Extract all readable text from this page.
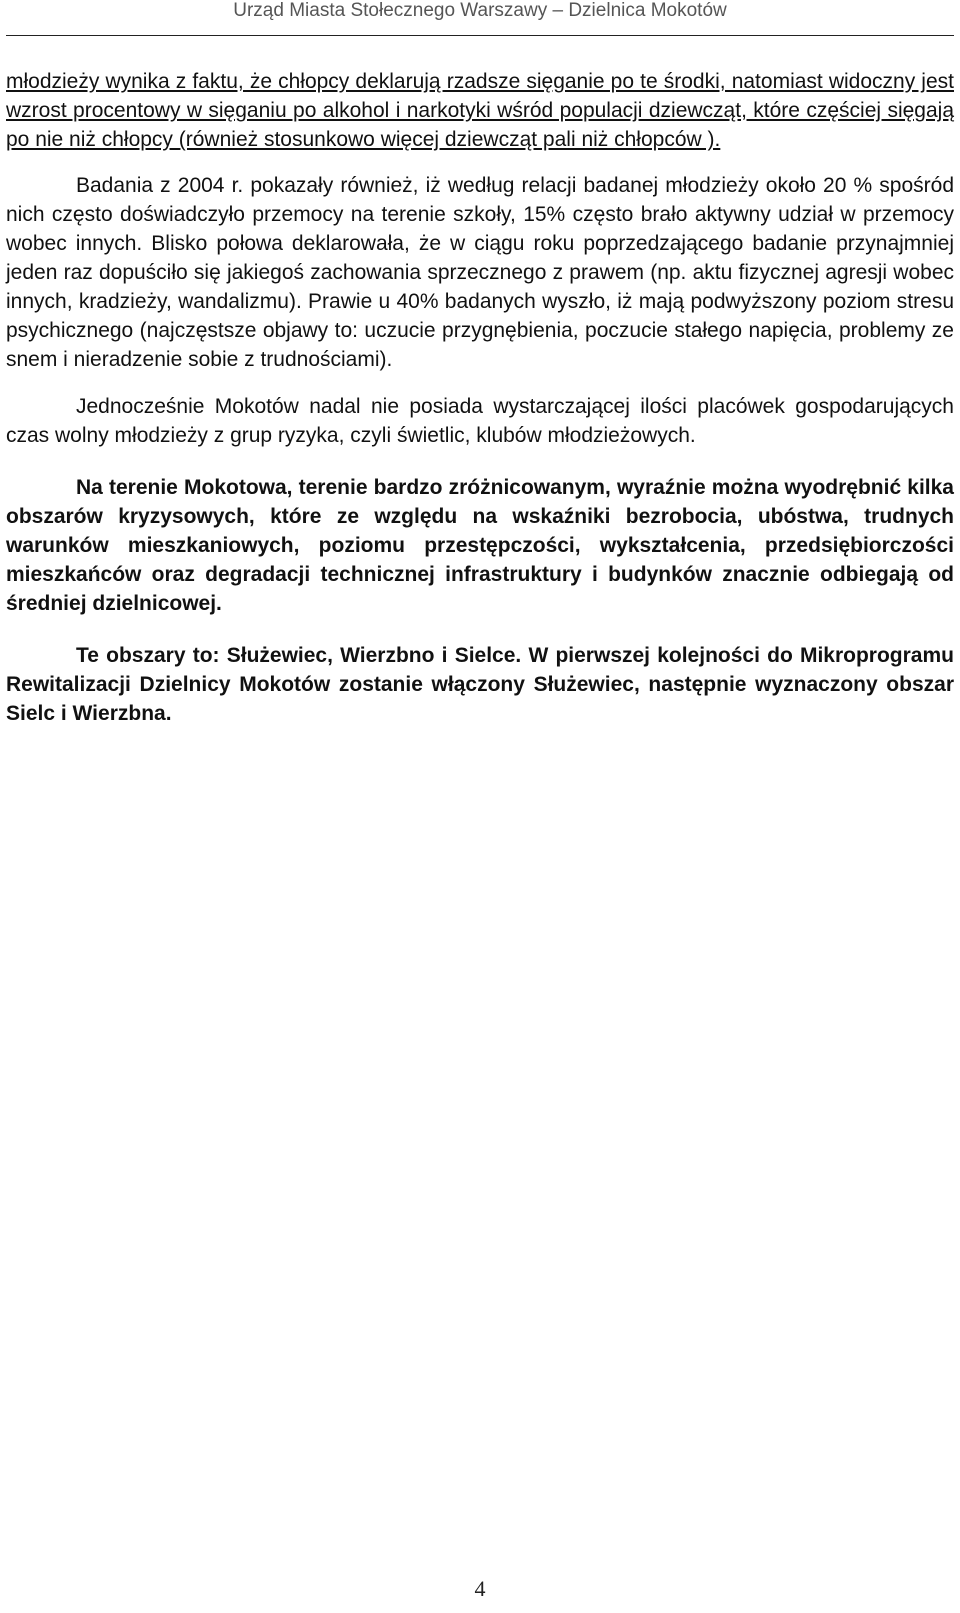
Urząd Miasta Stołecznego Warszawy – Dzielnica Mokotów

młodzieży wynika z faktu, że chłopcy deklarują rzadsze sięganie po te środki, natomiast widoczny jest wzrost procentowy w sięganiu po alkohol i narkotyki wśród populacji dziewcząt, które częściej sięgają po nie niż chłopcy (również stosunkowo więcej dziewcząt pali niż chłopców ).

Badania z 2004 r. pokazały również, iż według relacji badanej młodzieży około 20 % spośród nich często doświadczyło przemocy na terenie szkoły, 15% często brało aktywny udział w przemocy wobec innych. Blisko połowa deklarowała, że w ciągu roku poprzedzającego badanie przynajmniej jeden raz dopuściło się jakiegoś zachowania sprzecznego z prawem (np. aktu fizycznej agresji wobec innych, kradzieży, wandalizmu). Prawie u 40% badanych wyszło, iż mają podwyższony poziom stresu psychicznego (najczęstsze objawy to: uczucie przygnębienia, poczucie stałego napięcia, problemy ze snem i nieradzenie sobie z trudnościami).

Jednocześnie Mokotów nadal nie posiada wystarczającej ilości placówek gospodarujących czas wolny młodzieży z grup ryzyka, czyli świetlic, klubów młodzieżowych.

Na terenie Mokotowa, terenie bardzo zróżnicowanym, wyraźnie można wyodrębnić kilka obszarów kryzysowych, które ze względu na wskaźniki bezrobocia, ubóstwa, trudnych warunków mieszkaniowych, poziomu przestępczości, wykształcenia, przedsiębiorczości mieszkańców oraz degradacji technicznej infrastruktury i budynków znacznie odbiegają od średniej dzielnicowej.

Te obszary to: Służewiec, Wierzbno i Sielce. W pierwszej kolejności do Mikroprogramu Rewitalizacji Dzielnicy Mokotów zostanie włączony Służewiec, następnie wyznaczony obszar Sielc i Wierzbna.

4
